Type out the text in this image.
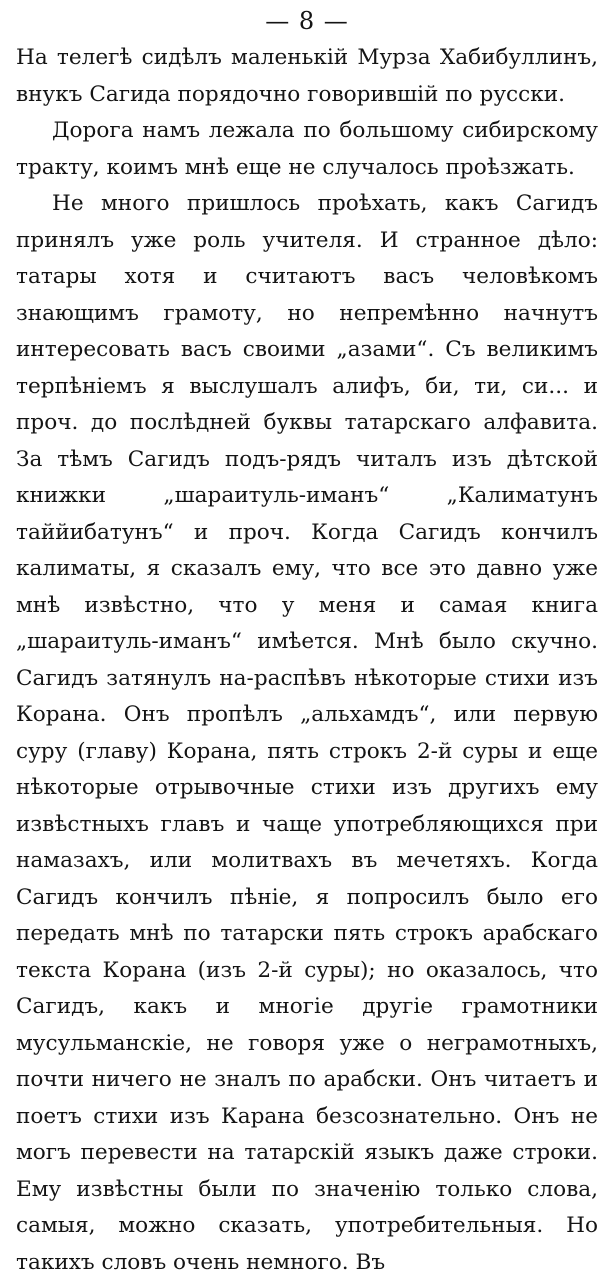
— 8 —

На телегѣ сидѣлъ маленькій Мурза Хабибуллинъ, внукъ Сагида порядочно говорившій по русски.

Дорога намъ лежала по большому сибирскому тракту, коимъ мнѣ еще не случалось проѣзжать.

Не много пришлось проѣхать, какъ Сагидъ принялъ уже роль учителя. И странное дѣло: татары хотя и считаютъ васъ человѣкомъ знающимъ грамоту, но непремѣнно начнутъ интересовать васъ своими „азами“. Съ великимъ терпѣніемъ я выслушалъ алифъ, би, ти, си... и проч. до послѣдней буквы татарскаго алфавита. За тѣмъ Сагидъ подъ-рядъ читалъ изъ дѣтской книжки „шараитуль-иманъ“ „Калиматунъ таййибатунъ“ и проч. Когда Сагидъ кончилъ калиматы, я сказалъ ему, что все это давно уже мнѣ извѣстно, что у меня и самая книга „шараитуль-иманъ“ имѣется. Мнѣ было скучно. Сагидъ затянулъ на-распѣвъ нѣкоторые стихи изъ Корана. Онъ пропѣлъ „альхамдъ“, или первую суру (главу) Корана, пять строкъ 2-й суры и еще нѣкоторые отрывочные стихи изъ другихъ ему извѣстныхъ главъ и чаще употребляющихся при намазахъ, или молитвахъ въ мечетяхъ. Когда Сагидъ кончилъ пѣніе, я попросилъ было его передать мнѣ по татарски пять строкъ арабскаго текста Корана (изъ 2-й суры); но оказалось, что Сагидъ, какъ и многіе другіе грамотники мусульманскіе, не говоря уже о неграмотныхъ, почти ничего не зналъ по арабски. Онъ читаетъ и поетъ стихи изъ Карана безсознательно. Онъ не могъ перевести на татарскій языкъ даже строки. Ему извѣстны были по значенію только слова, самыя, можно сказать, употребительныя. Но такихъ словъ очень немного. Въ
